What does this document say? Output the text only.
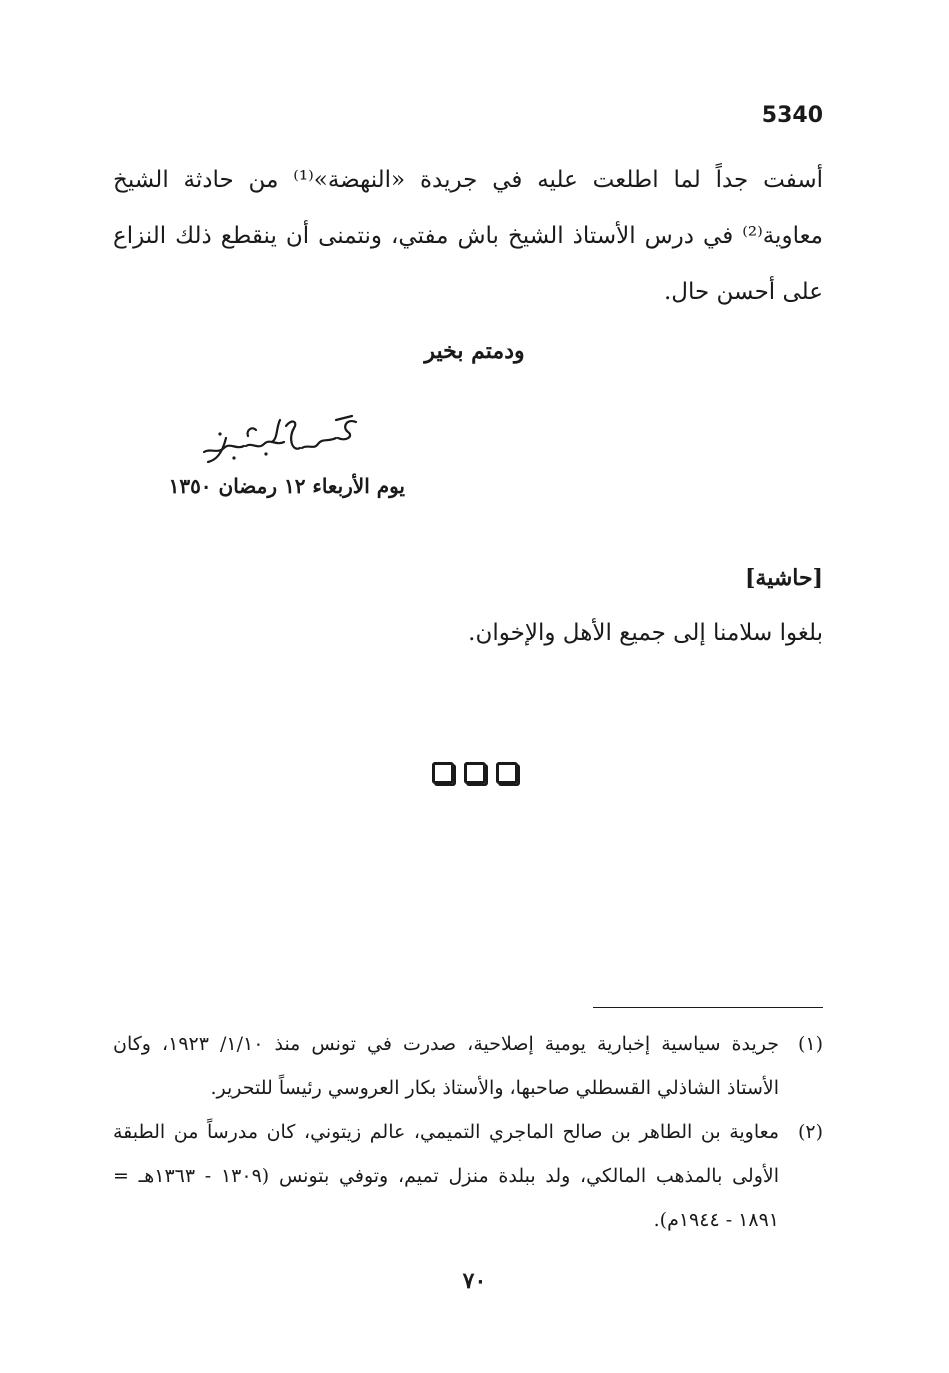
5340

أسفت جداً لما اطلعت عليه في جريدة «النهضة»⁽¹⁾ من حادثة الشيخ معاوية⁽²⁾ في درس الأستاذ الشيخ باش مفتي، ونتمنى أن ينقطع ذلك النزاع على أحسن حال.

ودمتم بخير
يوم الأربعاء ١٢ رمضان ١٣٥٠
[حاشية]
بلغوا سلامنا إلى جميع الأهل والإخوان.
(١)
جريدة سياسية إخبارية يومية إصلاحية، صدرت في تونس منذ ١/١٠/ ١٩٢٣، وكان الأستاذ الشاذلي القسطلي صاحبها، والأستاذ بكار العروسي رئيساً للتحرير.
(٢)
معاوية بن الطاهر بن صالح الماجري التميمي، عالم زيتوني، كان مدرساً من الطبقة الأولى بالمذهب المالكي، ولد ببلدة منزل تميم، وتوفي بتونس (١٣٠٩ - ١٣٦٣هـ = ١٨٩١ - ١٩٤٤م).
٧٠
